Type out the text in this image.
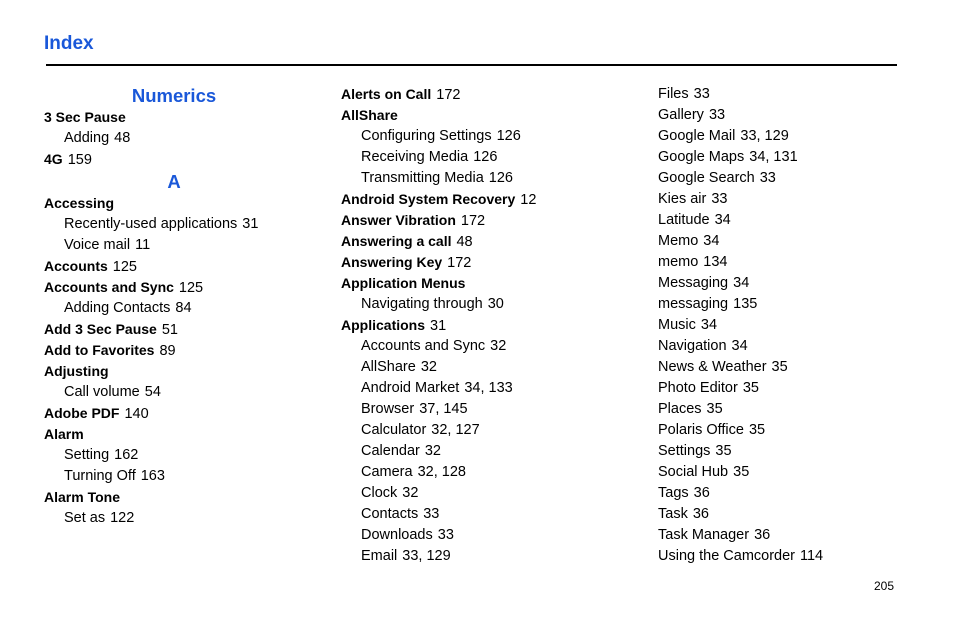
Index
Numerics
3 Sec Pause
Adding 48
4G 159
A
Accessing
Recently-used applications 31
Voice mail 11
Accounts 125
Accounts and Sync 125
Adding Contacts 84
Add 3 Sec Pause 51
Add to Favorites 89
Adjusting
Call volume 54
Adobe PDF 140
Alarm
Setting 162
Turning Off 163
Alarm Tone
Set as 122
Alerts on Call 172
AllShare
Configuring Settings 126
Receiving Media 126
Transmitting Media 126
Android System Recovery 12
Answer Vibration 172
Answering a call 48
Answering Key 172
Application Menus
Navigating through 30
Applications 31
Accounts and Sync 32
AllShare 32
Android Market 34, 133
Browser 37, 145
Calculator 32, 127
Calendar 32
Camera 32, 128
Clock 32
Contacts 33
Downloads 33
Email 33, 129
Files 33
Gallery 33
Google Mail 33, 129
Google Maps 34, 131
Google Search 33
Kies air 33
Latitude 34
Memo 34
memo 134
Messaging 34
messaging 135
Music 34
Navigation 34
News & Weather 35
Photo Editor 35
Places 35
Polaris Office 35
Settings 35
Social Hub 35
Tags 36
Task 36
Task Manager 36
Using the Camcorder 114
205
